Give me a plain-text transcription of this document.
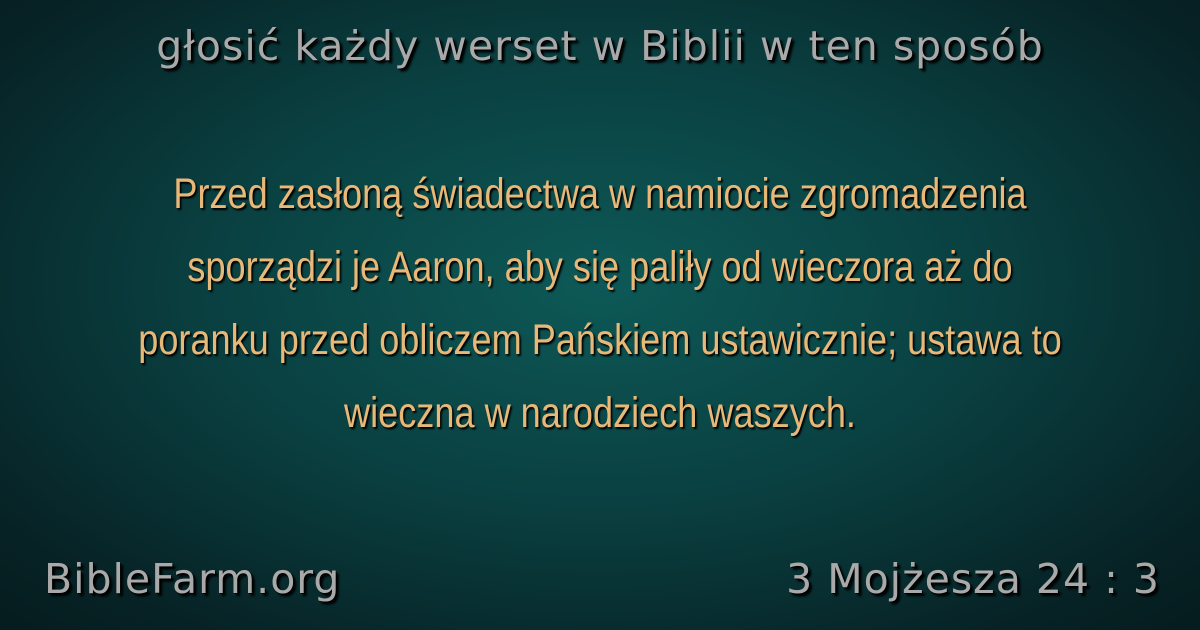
głosić każdy werset w Biblii w ten sposób
Przed zasłoną świadectwa w namiocie zgromadzenia sporządzi je Aaron, aby się paliły od wieczora aż do poranku przed obliczem Pańskiem ustawicznie; ustawa to wieczna w narodziech waszych.
BibleFarm.org	3 Mojżesza 24 : 3
